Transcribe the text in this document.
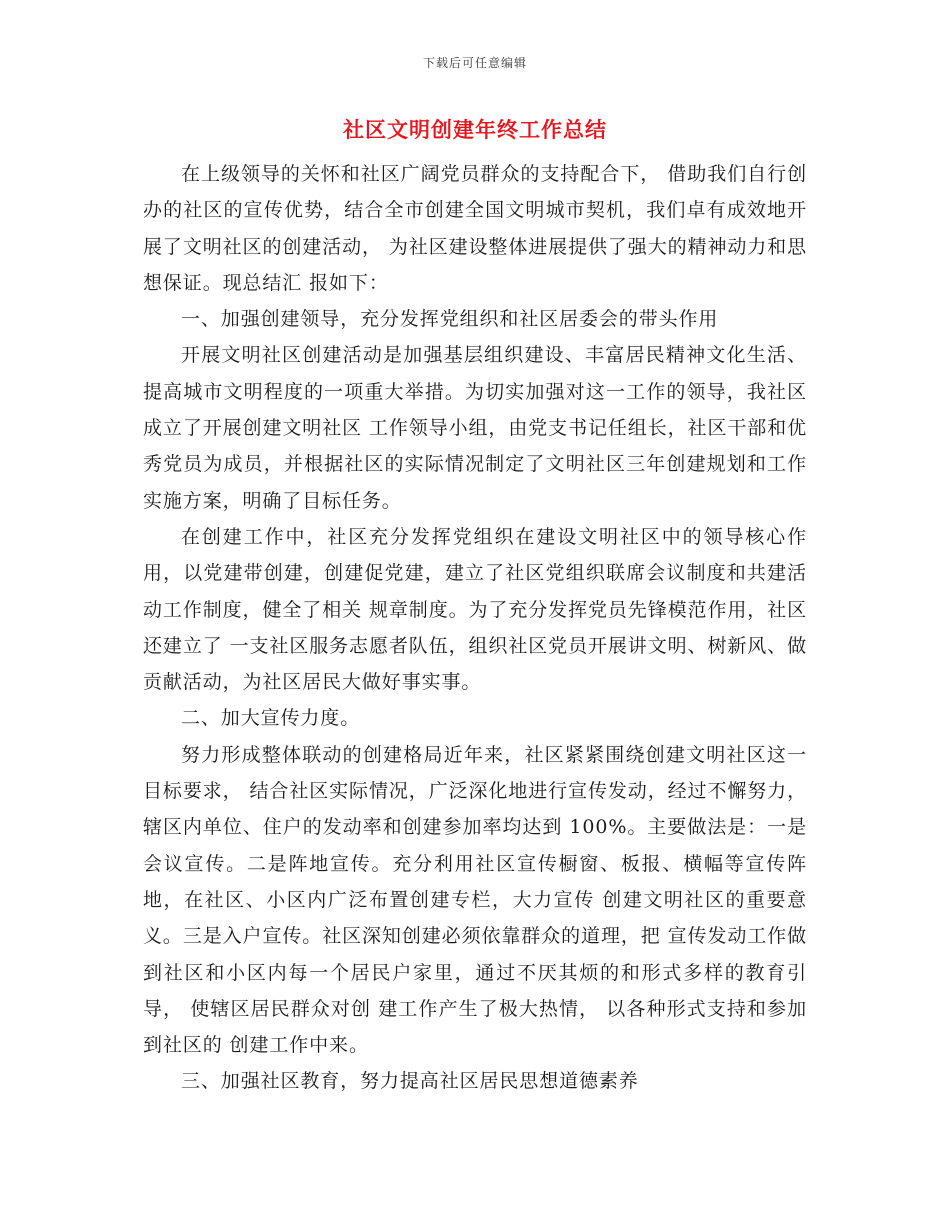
下载后可任意编辑
社区文明创建年终工作总结

在上级领导的关怀和社区广阔党员群众的支持配合下， 借助我们自行创办的社区的宣传优势，结合全市创建全国文明城市契机，我们卓有成效地开展了文明社区的创建活动， 为社区建设整体进展提供了强大的精神动力和思想保证。现总结汇 报如下：

一、加强创建领导，充分发挥党组织和社区居委会的带头作用

开展文明社区创建活动是加强基层组织建设、丰富居民精神文化生活、提高城市文明程度的一项重大举措。为切实加强对这一工作的领导，我社区成立了开展创建文明社区 工作领导小组，由党支书记任组长，社区干部和优秀党员为成员，并根据社区的实际情况制定了文明社区三年创建规划和工作实施方案，明确了目标任务。

在创建工作中，社区充分发挥党组织在建设文明社区中的领导核心作用，以党建带创建，创建促党建，建立了社区党组织联席会议制度和共建活动工作制度，健全了相关 规章制度。为了充分发挥党员先锋模范作用，社区还建立了 一支社区服务志愿者队伍，组织社区党员开展讲文明、树新风、做贡献活动，为社区居民大做好事实事。

二、加大宣传力度。

努力形成整体联动的创建格局近年来，社区紧紧围绕创建文明社区这一目标要求， 结合社区实际情况，广泛深化地进行宣传发动，经过不懈努力，辖区内单位、住户的发动率和创建参加率均达到 100%。主要做法是：一是会议宣传。二是阵地宣传。充分利用社区宣传橱窗、板报、横幅等宣传阵地，在社区、小区内广泛布置创建专栏，大力宣传 创建文明社区的重要意义。三是入户宣传。社区深知创建必须依靠群众的道理，把 宣传发动工作做到社区和小区内每一个居民户家里，通过不厌其烦的和形式多样的教育引导， 使辖区居民群众对创 建工作产生了极大热情， 以各种形式支持和参加到社区的 创建工作中来。

三、加强社区教育，努力提高社区居民思想道德素养
